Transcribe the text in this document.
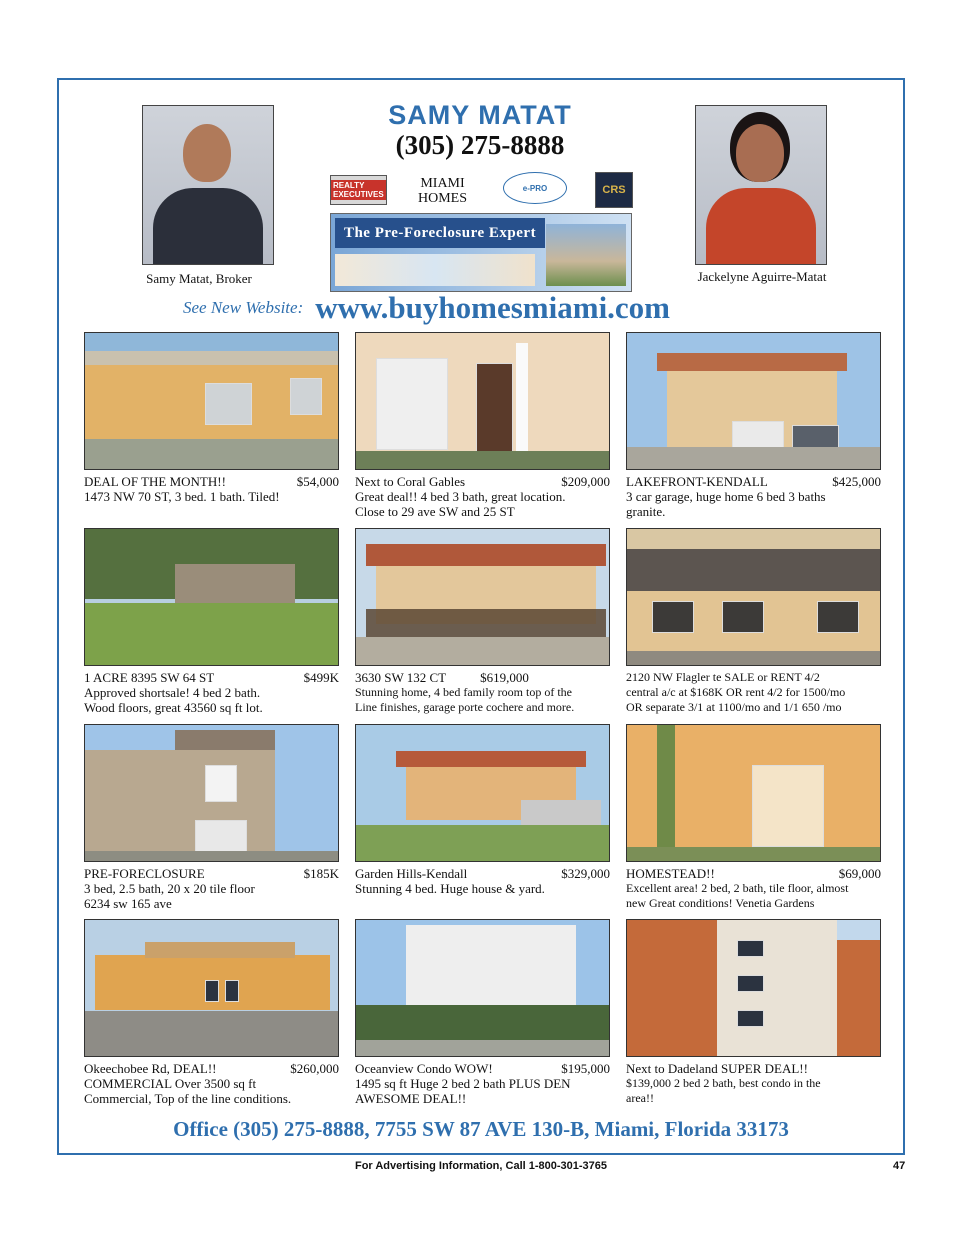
Samy Matat, Broker	Jackelyne Aguirre-Matat
SAMY MATAT
(305) 275-8888
REALTY EXECUTIVES
MIAMI
HOMES
e-PRO	CRS
The Pre-Foreclosure Expert
See New Website: www.buyhomesmiami.com
DEAL OF THE MONTH!!	$54,000
1473 NW 70 ST, 3 bed. 1 bath. Tiled!
Next to Coral Gables	$209,000
Great deal!! 4 bed 3 bath, great location.
Close to 29 ave SW and 25 ST
LAKEFRONT-KENDALL	$425,000
3 car garage, huge home 6 bed 3 baths
granite.
1 ACRE 8395 SW 64 ST	$499K
Approved shortsale! 4 bed 2 bath.
Wood floors, great 43560 sq ft lot.
3630 SW 132 CT	$619,000
Stunning home, 4 bed family room top of the
Line finishes, garage porte cochere and more.
2120 NW Flagler te SALE or RENT 4/2
central a/c at $168K OR rent 4/2 for 1500/mo
OR separate 3/1 at 1100/mo and 1/1 650 /mo
PRE-FORECLOSURE	$185K
3 bed, 2.5 bath, 20 x 20 tile floor
6234 sw 165 ave
Garden Hills-Kendall	$329,000
Stunning 4 bed. Huge house & yard.
HOMESTEAD!!	$69,000
Excellent area! 2 bed, 2 bath, tile floor, almost
new Great conditions! Venetia Gardens
Okeechobee Rd, DEAL!!	$260,000
COMMERCIAL Over 3500 sq ft
Commercial, Top of the line conditions.
Oceanview Condo WOW!	$195,000
1495 sq ft Huge 2 bed 2 bath PLUS DEN
AWESOME DEAL!!
Next to Dadeland SUPER DEAL!!
$139,000 2 bed 2 bath, best condo in the
area!!
Office (305) 275-8888, 7755 SW 87 AVE 130-B, Miami, Florida 33173
For Advertising Information, Call 1-800-301-3765	47
